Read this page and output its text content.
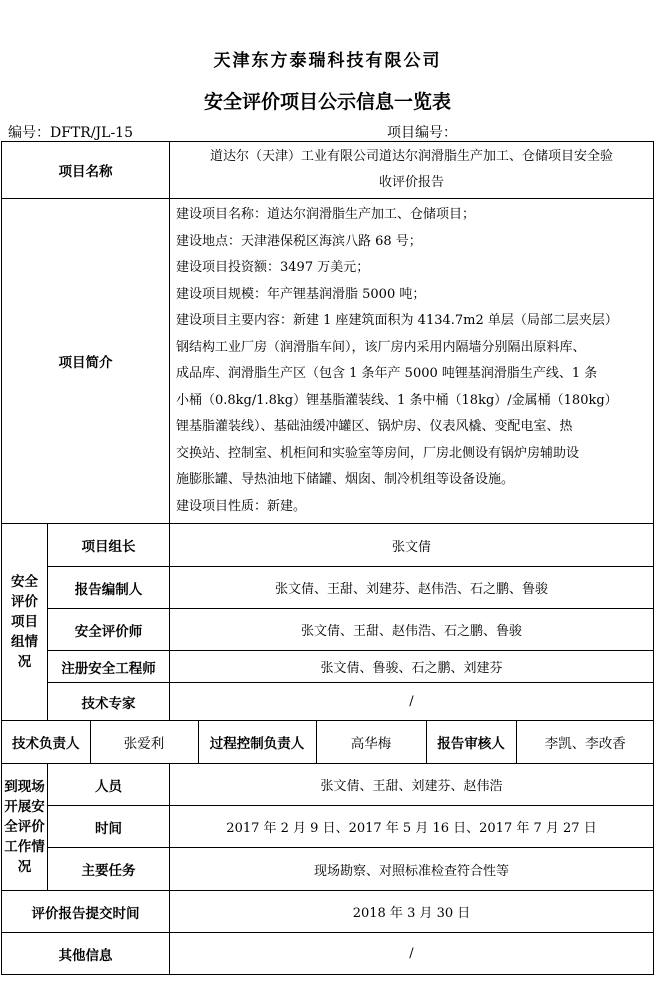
天津东方泰瑞科技有限公司
安全评价项目公示信息一览表
编号：DFTR/JL-15	项目编号：
项目名称	
道达尔（天津）工业有限公司道达尔润滑脂生产加工、仓储项目安全验
收评价报告

项目简介	
建设项目名称：道达尔润滑脂生产加工、仓储项目；
建设地点：天津港保税区海滨八路 68 号；
建设项目投资额：3497 万美元；
建设项目规模：年产锂基润滑脂 5000 吨；
建设项目主要内容：新建 1 座建筑面积为 4134.7m2 单层（局部二层夹层）
钢结构工业厂房（润滑脂车间），该厂房内采用内隔墙分别隔出原料库、
成品库、润滑脂生产区（包含 1 条年产 5000 吨锂基润滑脂生产线、1 条
小桶（0.8kg/1.8kg）锂基脂灌装线、1 条中桶（18kg）/金属桶（180kg）
锂基脂灌装线）、基础油缓冲罐区、锅炉房、仪表风橇、变配电室、热
交换站、控制室、机柜间和实验室等房间，厂房北侧设有锅炉房辅助设
施膨胀罐、导热油地下储罐、烟囱、制冷机组等设备设施。
建设项目性质：新建。

安全
评价
项目
组情
况
	项目组长	张文倩
报告编制人	张文倩、王甜、刘建芬、赵伟浩、石之鹏、鲁骏
安全评价师	张文倩、王甜、赵伟浩、石之鹏、鲁骏
注册安全工程师	张文倩、鲁骏、石之鹏、刘建芬
技术专家	/

技术负责人	张爱利	过程控制负责人	高华梅	报告审核人	李凯、李改香

到现场
开展安
全评价
工作情
况
	人员	张文倩、王甜、刘建芬、赵伟浩
时间	2017 年 2 月 9 日、2017 年 5 月 16 日、2017 年 7 月 27 日
主要任务	现场勘察、对照标准检查符合性等
评价报告提交时间	2018 年 3 月 30 日
其他信息	/
